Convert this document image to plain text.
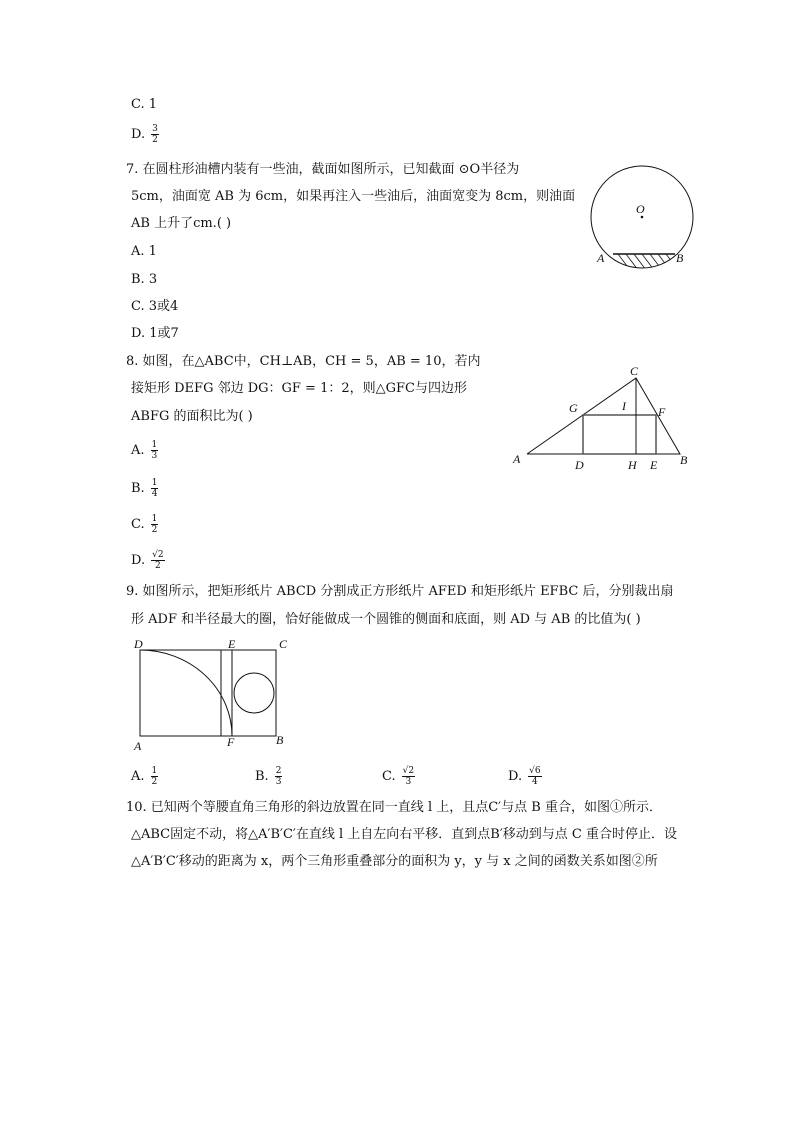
C. 1
D. $\frac{3}{2}$
7. 在圆柱形油槽内装有一些油，截面如图所示，已知截面 ⊙O半径为
5cm，油面宽 AB 为 6cm，如果再注入一些油后，油面宽变为 8cm，则油面
AB 上升了cm.( )
A. 1
B. 3
C. 3或4
D. 1或7
O
A	B
8. 如图，在△ABC中，CH⊥AB，CH = 5，AB = 10，若内
接矩形 DEFG 邻边 DG：GF = 1：2，则△GFC与四边形
ABFG 的面积比为( )
A. $\frac{1}{3}$
B. $\frac{1}{4}$
C. $\frac{1}{2}$
D. $\frac{√2}{2}$
C
G	I	F
A	D	H E B
9. 如图所示，把矩形纸片 ABCD 分割成正方形纸片 AFED 和矩形纸片 EFBC 后，分别裁出扇
形 ADF 和半径最大的圈，恰好能做成一个圆锥的侧面和底面，则 AD 与 AB 的比值为( )
D	E	C
A	F	B
A. $\frac{1}{2}$	B. $\frac{2}{3}$	C. $\frac{√2}{3}$	D. $\frac{√6}{4}$
10. 已知两个等腰直角三角形的斜边放置在同一直线 l 上，且点C′与点 B 重合，如图①所示．
△ABC固定不动，将△A′B′C′在直线 l 上自左向右平移．直到点B′移动到与点 C 重合时停止．设
△A′B′C′移动的距离为 x，两个三角形重叠部分的面积为 y，y 与 x 之间的函数关系如图②所
